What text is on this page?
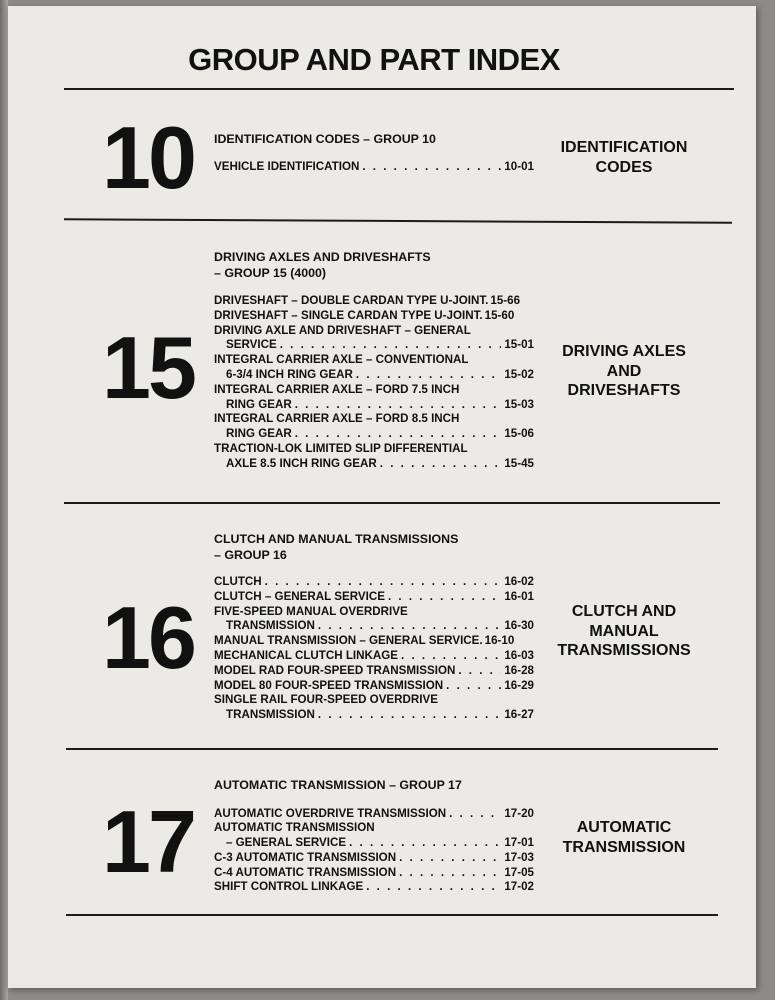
GROUP AND PART INDEX
10	IDENTIFICATION CODES – GROUP 10
VEHICLE IDENTIFICATION . . .	10-01
IDENTIFICATION
CODES
15
DRIVING AXLES AND DRIVESHAFTS
– GROUP 15 (4000)
DRIVESHAFT – DOUBLE CARDAN TYPE U-JOINT. 15-66
DRIVESHAFT – SINGLE CARDAN TYPE U-JOINT. 15-60
DRIVING AXLE AND DRIVESHAFT – GENERAL
SERVICE . . .	15-01
INTEGRAL CARRIER AXLE – CONVENTIONAL
6-3/4 INCH RING GEAR . . .	15-02
INTEGRAL CARRIER AXLE – FORD 7.5 INCH
RING GEAR . . .	15-03
INTEGRAL CARRIER AXLE – FORD 8.5 INCH
RING GEAR . . .	15-06
TRACTION-LOK LIMITED SLIP DIFFERENTIAL
AXLE 8.5 INCH RING GEAR . . .	15-45
DRIVING AXLES
AND
DRIVESHAFTS
16
CLUTCH AND MANUAL TRANSMISSIONS
– GROUP 16
CLUTCH . . .	16-02
CLUTCH – GENERAL SERVICE . . .	16-01
FIVE-SPEED MANUAL OVERDRIVE
TRANSMISSION . . .	16-30
MANUAL TRANSMISSION – GENERAL SERVICE. 16-10
MECHANICAL CLUTCH LINKAGE . . .	16-03
MODEL RAD FOUR-SPEED TRANSMISSION . . .	16-28
MODEL 80 FOUR-SPEED TRANSMISSION . . .	16-29
SINGLE RAIL FOUR-SPEED OVERDRIVE
TRANSMISSION . . .	16-27
CLUTCH AND
MANUAL
TRANSMISSIONS
17
AUTOMATIC TRANSMISSION – GROUP 17
AUTOMATIC OVERDRIVE TRANSMISSION . . .	17-20
AUTOMATIC TRANSMISSION
– GENERAL SERVICE . . .	17-01
C-3 AUTOMATIC TRANSMISSION . . .	17-03
C-4 AUTOMATIC TRANSMISSION . . .	17-05
SHIFT CONTROL LINKAGE . . .	17-02
AUTOMATIC
TRANSMISSION
